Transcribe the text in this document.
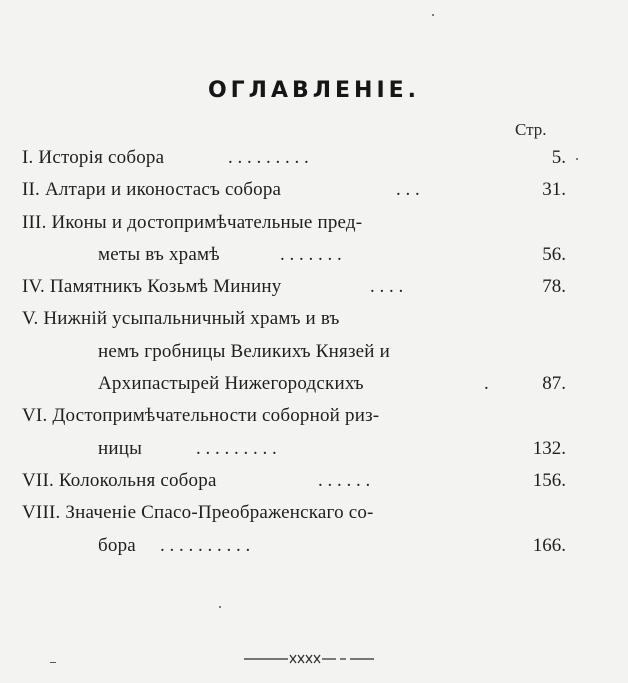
ОГЛАВЛЕНIЕ.
Стр.
I. Исторiя собора	. . . . . . . . .	5.
II. Алтари и иконостасъ собора	. . .	31.
III. Иконы и достопримѣчательные пред-
меты въ храмѣ	. . . . . . .	56.
IV. Памятникъ Козьмѣ Минину	. . . .	78.
V. Нижнiй усыпальничный храмъ и въ
немъ гробницы Великихъ Князей и
Архипастырей Нижегородскихъ	.	87.
VI. Достопримѣчательности соборной риз-
ницы	. . . . . . . . .	132.
VII. Колокольня собора	. . . . . .	156.
VIII. Значенiе Спасо-Преображенскаго со-
бора . . . . . . . . . .	166.
